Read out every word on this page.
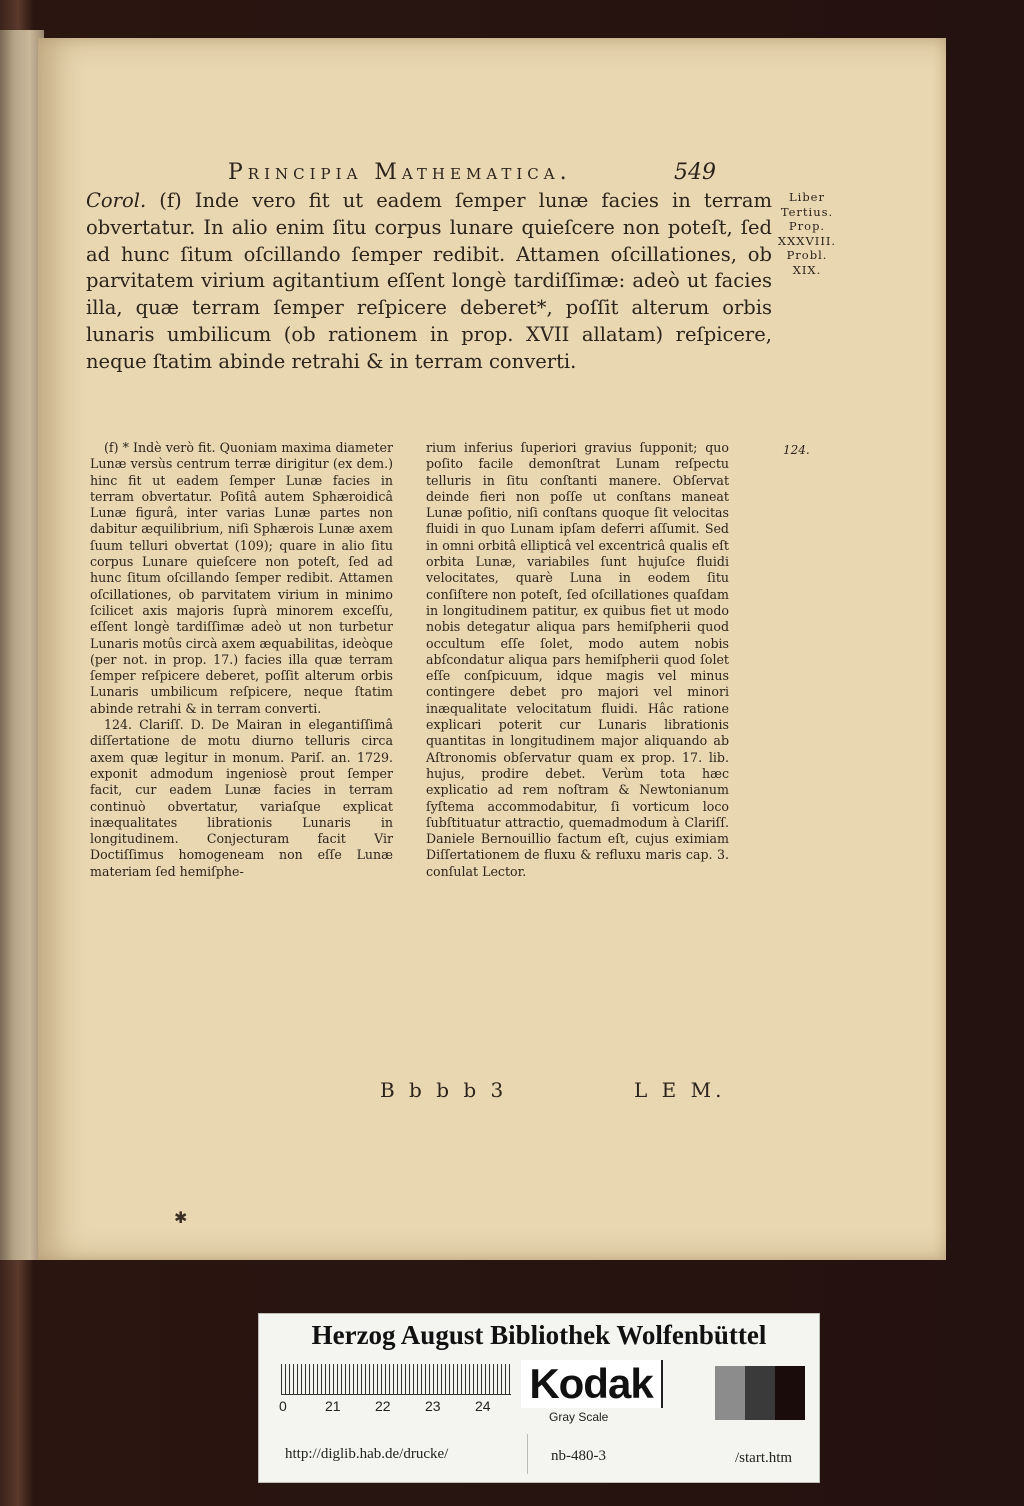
Principia Mathematica.	549

Corol. (f) Inde vero fit ut eadem ſemper lunæ facies in terram obvertatur. In alio enim ſitu corpus lunare quieſcere non poteſt, ſed ad hunc ſitum oſcillando ſemper redibit. Attamen oſcillationes, ob parvitatem virium agitantium eſſent longè tardiſſimæ: adeò ut facies illa, quæ terram ſemper reſpicere deberet*, poſſit alterum orbis lunaris umbilicum (ob rationem in prop. XVII allatam) reſpicere, neque ſtatim abinde retrahi & in terram converti.

Liber
Tertius.
Prop.
XXXVIII.
Probl.
XIX.

(f) * Indè verò fit. Quoniam maxima diameter Lunæ versùs centrum terræ dirigitur (ex dem.) hinc fit ut eadem ſemper Lunæ facies in terram obvertatur. Poſitâ autem Sphæroidicâ Lunæ figurâ, inter varias Lunæ partes non dabitur æquilibrium, niſi Sphærois Lunæ axem ſuum telluri obvertat (109); quare in alio ſitu corpus Lunare quieſcere non poteſt, ſed ad hunc ſitum oſcillando ſemper redibit. Attamen oſcillationes, ob parvitatem virium in minimo ſcilicet axis majoris ſuprà minorem exceſſu, eſſent longè tardiſſimæ adeò ut non turbetur Lunaris motûs circà axem æquabilitas, ideòque (per not. in prop. 17.) facies illa quæ terram ſemper reſpicere deberet, poſſit alterum orbis Lunaris umbilicum reſpicere, neque ſtatim abinde retrahi & in terram converti.

124. Clariſſ. D. De Mairan in elegantiſſimâ diſſertatione de motu diurno telluris circa axem quæ legitur in monum. Pariſ. an. 1729. exponit admodum ingeniosè prout ſemper facit, cur eadem Lunæ facies in terram continuò obvertatur, variaſque explicat inæqualitates librationis Lunaris in longitudinem. Conjecturam facit Vir Doctiſſimus homogeneam non eſſe Lunæ materiam ſed hemiſphe-

rium inferius ſuperiori gravius ſupponit; quo poſito facile demonſtrat Lunam reſpectu telluris in ſitu conſtanti manere. Obſervat deinde fieri non poſſe ut conſtans maneat Lunæ poſitio, niſi conſtans quoque ſit velocitas fluidi in quo Lunam ipſam deferri aſſumit. Sed in omni orbitâ ellipticâ vel excentricâ qualis eſt orbita Lunæ, variabiles ſunt hujuſce fluidi velocitates, quarè Luna in eodem ſitu conſiſtere non poteſt, ſed oſcillationes quaſdam in longitudinem patitur, ex quibus fiet ut modo nobis detegatur aliqua pars hemiſpherii quod occultum eſſe ſolet, modo autem nobis abſcondatur aliqua pars hemiſpherii quod ſolet eſſe conſpicuum, idque magis vel minus contingere debet pro majori vel minori inæqualitate velocitatum fluidi. Hâc ratione explicari poterit cur Lunaris librationis quantitas in longitudinem major aliquando ab Aſtronomis obſervatur quam ex prop. 17. lib. hujus, prodire debet. Verùm tota hæc explicatio ad rem noſtram & Newtonianum ſyſtema accommodabitur, ſi vorticum loco ſubſtituatur attractio, quemadmodum à Clariſſ. Daniele Bernouillio factum eſt, cujus eximiam Diſſertationem de fluxu & refluxu maris cap. 3. conſulat Lector.

124.
B b b b 3	L E M.
✱
Herzog August Bibliothek Wolfenbüttel
0	21 22 23 24 Kodak
Gray Scale
http://diglib.hab.de/drucke/	nb-480-3	/start.htm
